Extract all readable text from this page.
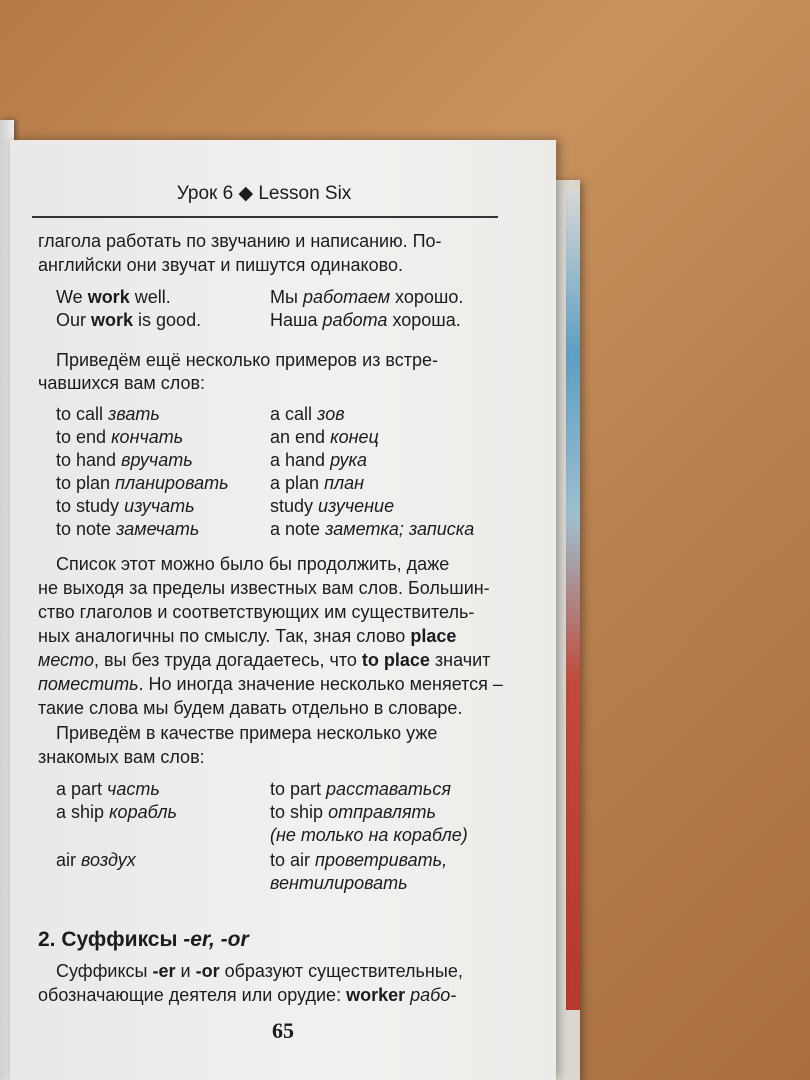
Урок 6 ◆ Lesson Six
глагола работать по звучанию и написанию. По-
английски они звучат и пишутся одинаково.
We work well.	Мы работаем хорошо.
Our work is good.	Наша работа хороша.
Приведём ещё несколько примеров из встре-
чавшихся вам слов:
to call звать	a call зов
to end кончать	an end конец
to hand вручать	a hand рука
to plan планировать a plan план
to study изучать	study изучение
to note замечать	a note заметка; записка
Список этот можно было бы продолжить, даже
не выходя за пределы известных вам слов. Большин-
ство глаголов и соответствующих им существитель-
ных аналогичны по смыслу. Так, зная слово place
место, вы без труда догадаетесь, что to place значит
поместить. Но иногда значение несколько меняется –
такие слова мы будем давать отдельно в словаре.
Приведём в качестве примера несколько уже
знакомых вам слов:
a part часть	to part расставаться
a ship корабль	to ship отправлять
(не только на корабле)
air воздух	to air проветривать,
вентилировать
2. Суффиксы -er, -or
Суффиксы -er и -or образуют существительные,
обозначающие деятеля или орудие: worker рабо-
65
